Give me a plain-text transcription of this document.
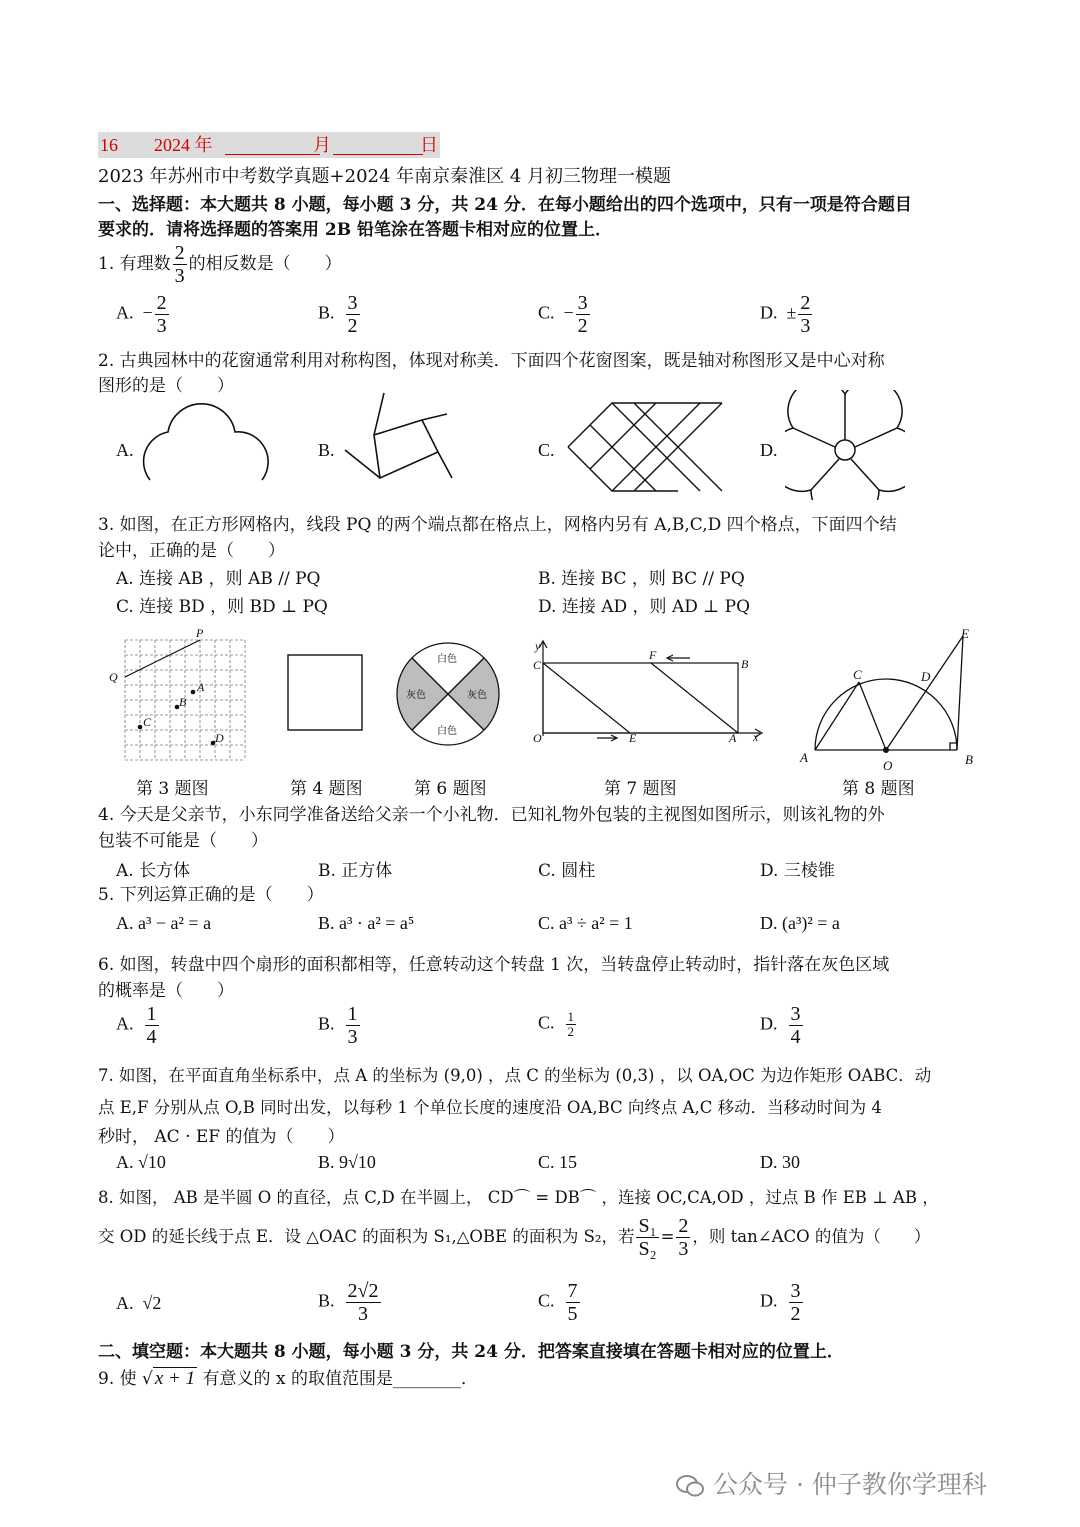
16 2024 年	月	日
2023 年苏州市中考数学真题+2024 年南京秦淮区 4 月初三物理一模题
一、选择题：本大题共 8 小题，每小题 3 分，共 24 分．在每小题给出的四个选项中，只有一项是符合题目
要求的．请将选择题的答案用 2B 铅笔涂在答题卡相对应的位置上．
1. 有理数 $\frac{2}{3}$ 的相反数是（　　）
A. − $\frac{2}{3}$	B. $\frac{3}{2}$	C. − $\frac{3}{2}$	D. ± $\frac{2}{3}$
2. 古典园林中的花窗通常利用对称构图，体现对称美．下面四个花窗图案，既是轴对称图形又是中心对称
图形的是（　　）
A.	B.	C.	D.
3. 如图，在正方形网格内，线段 PQ 的两个端点都在格点上，网格内另有 A,B,C,D 四个格点，下面四个结
论中，正确的是（　　）
A. 连接 AB ，则 AB // PQ	B. 连接 BC ，则 BC // PQ
C. 连接 BD ，则 BD ⊥ PQ	D. 连接 AD ，则 AD ⊥ PQ
P
Q
A
B
C
D
白色
灰色	灰色
白色
y
x
O
C
F
B
E	A
E
C	D
A
O	B
第 3 题图	第 4 题图	第 6 题图	第 7 题图	第 8 题图
4. 今天是父亲节，小东同学准备送给父亲一个小礼物．已知礼物外包装的主视图如图所示，则该礼物的外
包装不可能是（　　）
A. 长方体	B. 正方体	C. 圆柱	D. 三棱锥
5. 下列运算正确的是（　　）
A. a³ − a² = a	B. a³ · a² = a⁵	C. a³ ÷ a² = 1	D. (a³)² = a
6. 如图，转盘中四个扇形的面积都相等，任意转动这个转盘 1 次，当转盘停止转动时，指针落在灰色区域
的概率是（　　）
A. $\frac{1}{4}$	B. $\frac{1}{3}$	C. $\frac{1}{2}$	D. $\frac{3}{4}$
7. 如图，在平面直角坐标系中，点 A 的坐标为 (9,0) ，点 C 的坐标为 (0,3) ，以 OA,OC 为边作矩形 OABC．动
点 E,F 分别从点 O,B 同时出发，以每秒 1 个单位长度的速度沿 OA,BC 向终点 A,C 移动．当移动时间为 4
秒时， AC · EF 的值为（　　）
A. √10	B. 9√10	C. 15	D. 30
8. 如图， AB 是半圆 O 的直径，点 C,D 在半圆上， CD⌒ = DB⌒ ，连接 OC,CA,OD ，过点 B 作 EB ⊥ AB ，
交 OD 的延长线于点 E．设 △OAC 的面积为 S₁,△OBE 的面积为 S₂，若 $\frac{\text{S₁}}{\text{S₂}} = \frac{2}{3}$ ，则 tan∠ACO 的值为（　　）
A. √2	B. $\frac{2√2}{3}$	C. $\frac{7}{5}$	D. $\frac{3}{2}$
二、填空题：本大题共 8 小题，每小题 3 分，共 24 分．把答案直接填在答题卡相对应的位置上．
9. 使 √ x + 1 有意义的 x 的取值范围是________．
公众号 · 仲子教你学理科
